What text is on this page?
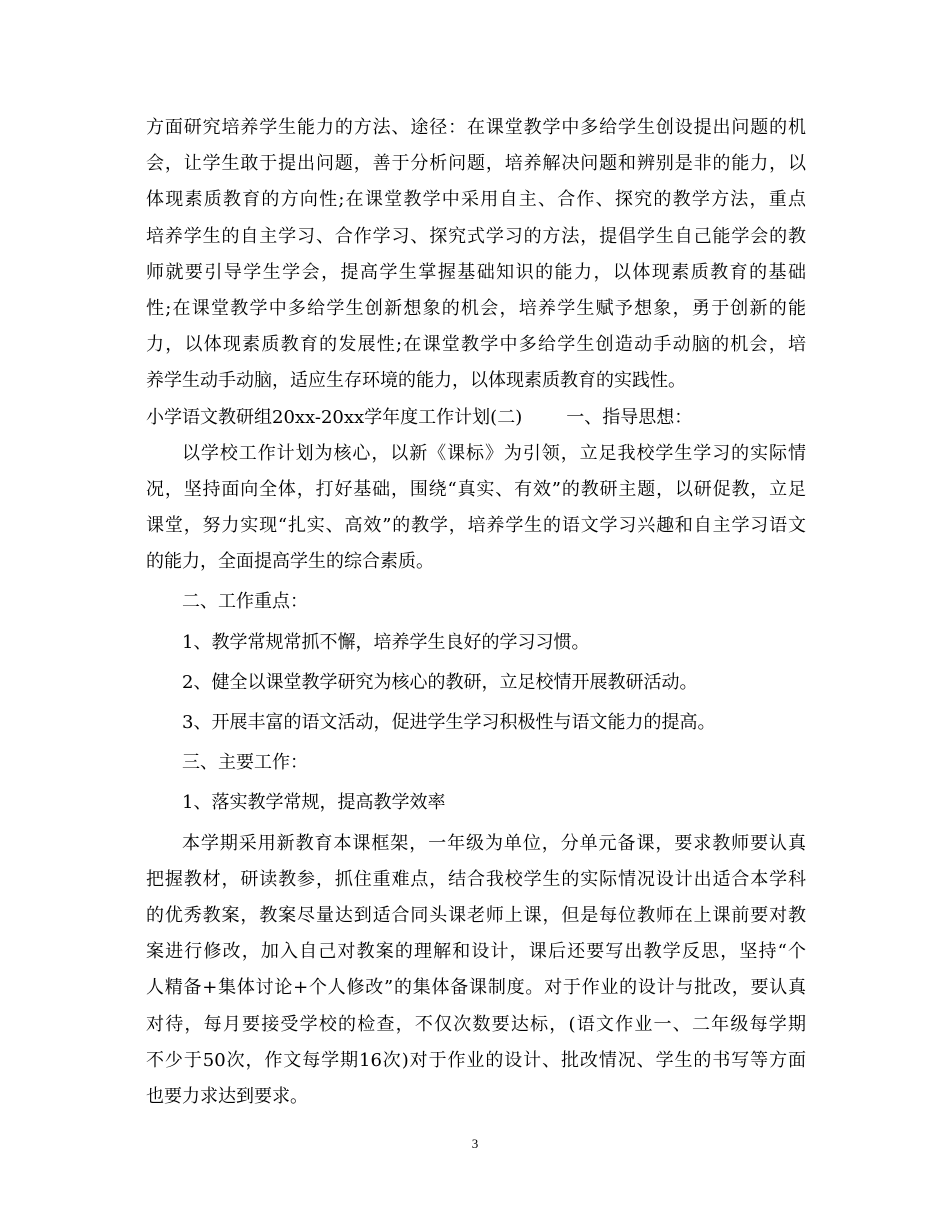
方面研究培养学生能力的方法、途径：在课堂教学中多给学生创设提出问题的机
会，让学生敢于提出问题，善于分析问题，培养解决问题和辨别是非的能力，以
体现素质教育的方向性;在课堂教学中采用自主、合作、探究的教学方法，重点
培养学生的自主学习、合作学习、探究式学习的方法，提倡学生自己能学会的教
师就要引导学生学会，提高学生掌握基础知识的能力，以体现素质教育的基础
性;在课堂教学中多给学生创新想象的机会，培养学生赋予想象，勇于创新的能
力，以体现素质教育的发展性;在课堂教学中多给学生创造动手动脑的机会，培
养学生动手动脑，适应生存环境的能力，以体现素质教育的实践性。
小学语文教研组20xx-20xx学年度工作计划(二) 一、指导思想：
以学校工作计划为核心，以新《课标》为引领，立足我校学生学习的实际情
况，坚持面向全体，打好基础，围绕“真实、有效”的教研主题，以研促教，立足
课堂，努力实现“扎实、高效”的教学，培养学生的语文学习兴趣和自主学习语文
的能力，全面提高学生的综合素质。
二、工作重点：
1、教学常规常抓不懈，培养学生良好的学习习惯。
2、健全以课堂教学研究为核心的教研，立足校情开展教研活动。
3、开展丰富的语文活动，促进学生学习积极性与语文能力的提高。
三、主要工作：
1、落实教学常规，提高教学效率
本学期采用新教育本课框架，一年级为单位，分单元备课，要求教师要认真
把握教材，研读教参，抓住重难点，结合我校学生的实际情况设计出适合本学科
的优秀教案，教案尽量达到适合同头课老师上课，但是每位教师在上课前要对教
案进行修改，加入自己对教案的理解和设计，课后还要写出教学反思，坚持“个
人精备+集体讨论+个人修改”的集体备课制度。对于作业的设计与批改，要认真
对待，每月要接受学校的检查，不仅次数要达标，(语文作业一、二年级每学期
不少于50次，作文每学期16次)对于作业的设计、批改情况、学生的书写等方面
也要力求达到要求。
3
